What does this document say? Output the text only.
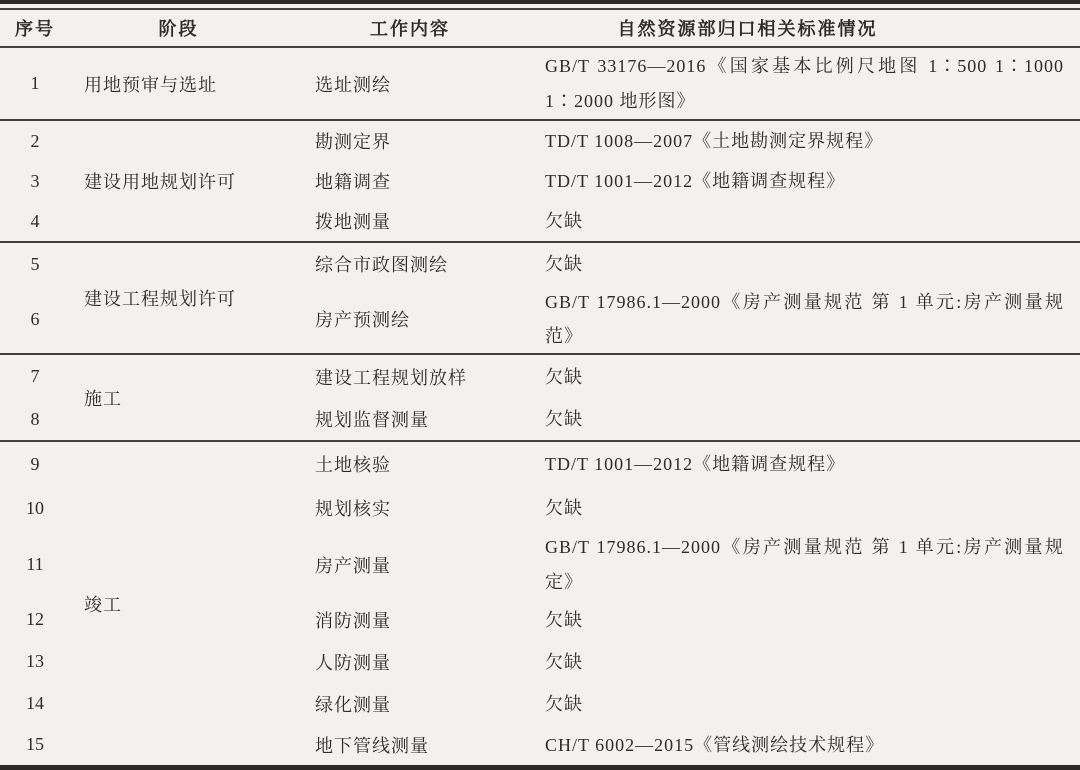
序号	阶段	工作内容	自然资源部归口相关标准情况
1	用地预审与选址	选址测绘	GB/T 33176—2016《国家基本比例尺地图 1∶500 1∶1000 1∶2000 地形图》
2	建设用地规划许可	勘测定界	TD/T 1008—2007《土地勘测定界规程》
3		地籍调查	TD/T 1001—2012《地籍调查规程》
4		拨地测量	欠缺
5	建设工程规划许可	综合市政图测绘	欠缺
6		房产预测绘	GB/T 17986.1—2000《房产测量规范 第 1 单元:房产测量规范》
7	施工	建设工程规划放样	欠缺
8		规划监督测量	欠缺
9	竣工	土地核验	TD/T 1001—2012《地籍调查规程》
10		规划核实	欠缺
11		房产测量	GB/T 17986.1—2000《房产测量规范 第 1 单元:房产测量规定》
12		消防测量	欠缺
13		人防测量	欠缺
14		绿化测量	欠缺
15		地下管线测量	CH/T 6002—2015《管线测绘技术规程》
